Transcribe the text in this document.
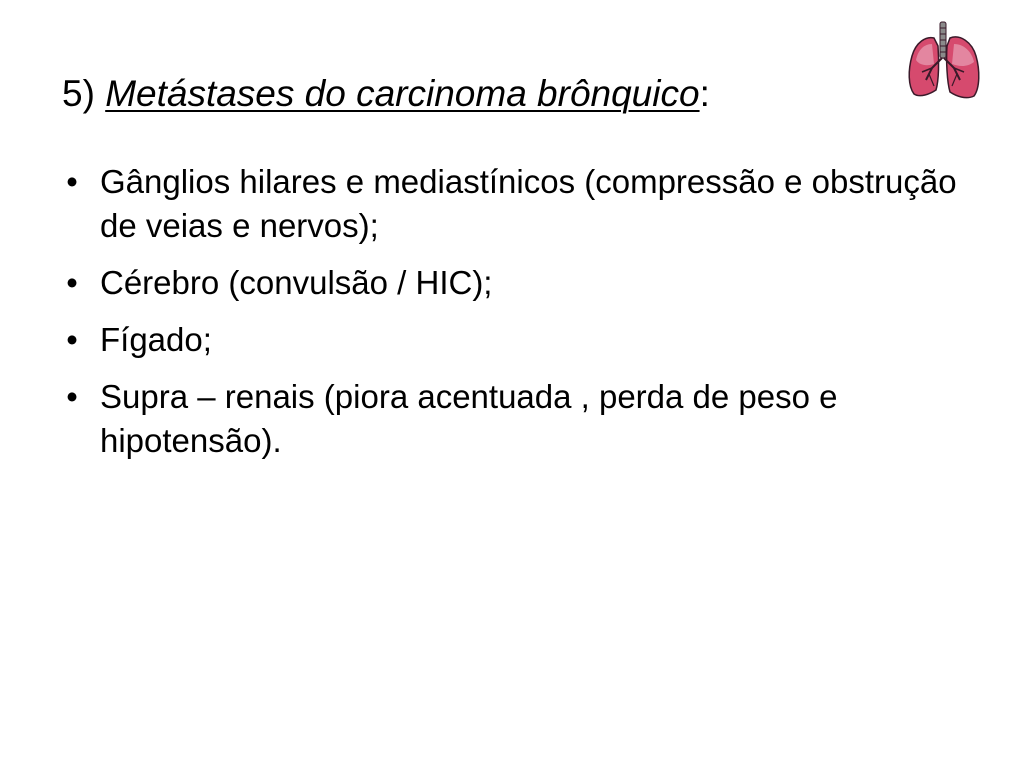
5) Metástases do carcinoma brônquico:
• Gânglios hilares e mediastínicos (compressão e obstrução de veias e nervos);
• Cérebro (convulsão / HIC);
• Fígado;
• Supra – renais (piora acentuada , perda de peso e hipotensão).
